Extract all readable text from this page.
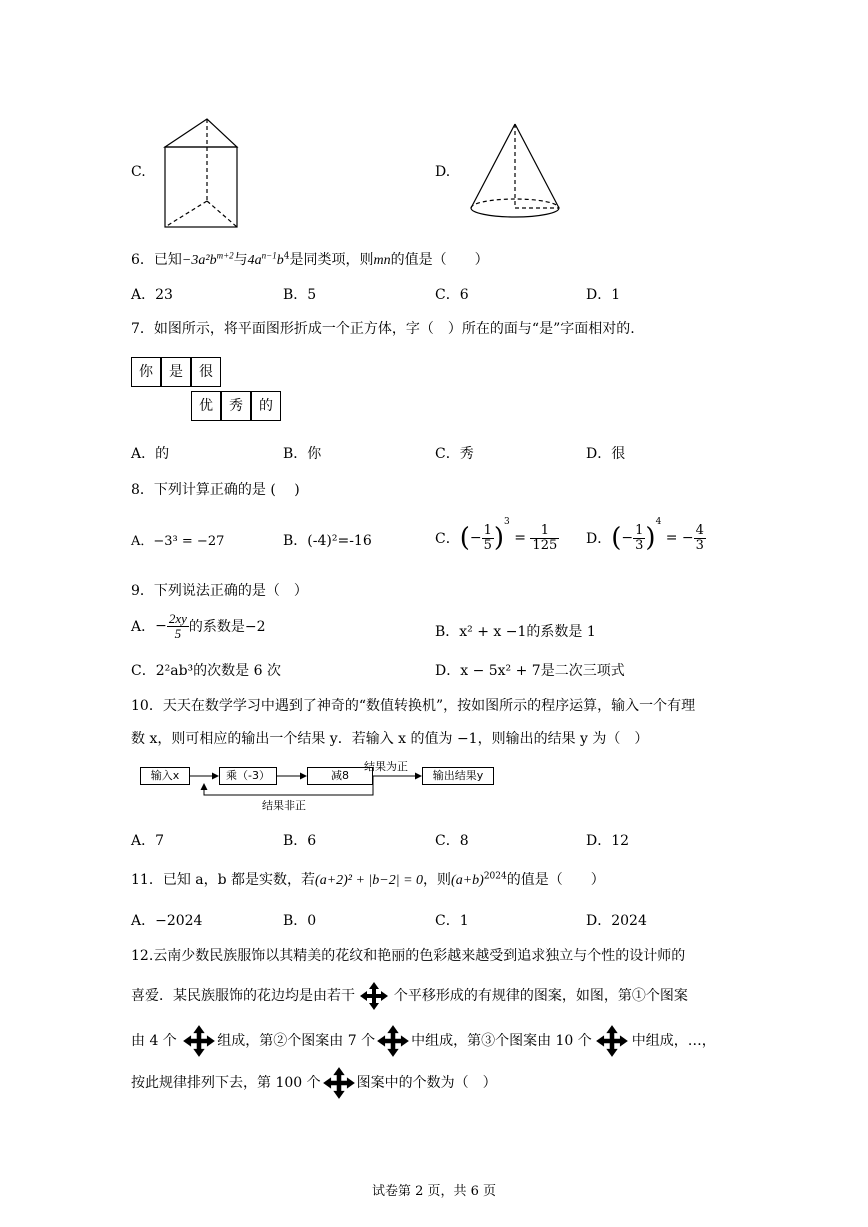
C.	D.
6．已知$-3a^2b^{m+2}$与$4a^{n-1}b^4$是同类项，则mn的值是（　　）
A．23	B．5	C．6	D．1
7．如图所示，将平面图形折成一个正方体，字（　）所在的面与“是”字面相对的.
你	是	很
优	秀	的
A．的	B．你	C．秀	D．很
8．下列计算正确的是 (　 )
A．−3³ = −27	B．(-4)²=-16	C．(− $\frac{1}{5} )^3 = \frac{1}{125}$ D．(− $\frac{1}{3} )^4$ = − $\frac{4}{3}$
9．下列说法正确的是（　）
A．− $\frac{2xy}{5}$ 的系数是−2	B．x² + x −1的系数是 1
C．2²ab³的次数是 6 次	D．x − 5x² + 7是二次三项式
10．天天在数学学习中遇到了神奇的“数值转换机”，按如图所示的程序运算，输入一个有理
数 x，则可相应的输出一个结果 y．若输入 x 的值为 −1，则输出的结果 y 为（　）
输入x	乘（-3）	减8	输出结果y
结果为正
结果非正
A．7	B．6	C．8	D．12
11．已知 a，b 都是实数，若(a+2)² + |b−2| = 0，则$(a+b)^{2024}$的值是（　　）
A．−2024	B．0	C．1	D．2024
12.云南少数民族服饰以其精美的花纹和艳丽的色彩越来越受到追求独立与个性的设计师的
喜爱．某民族服饰的花边均是由若干	个平移形成的有规律的图案，如图，第①个图案
由 4 个	组成，第②个图案由 7 个	中组成，第③个图案由 10 个	中组成，…，
按此规律排列下去，第 100 个	图案中的个数为（　）
试卷第 2 页，共 6 页
